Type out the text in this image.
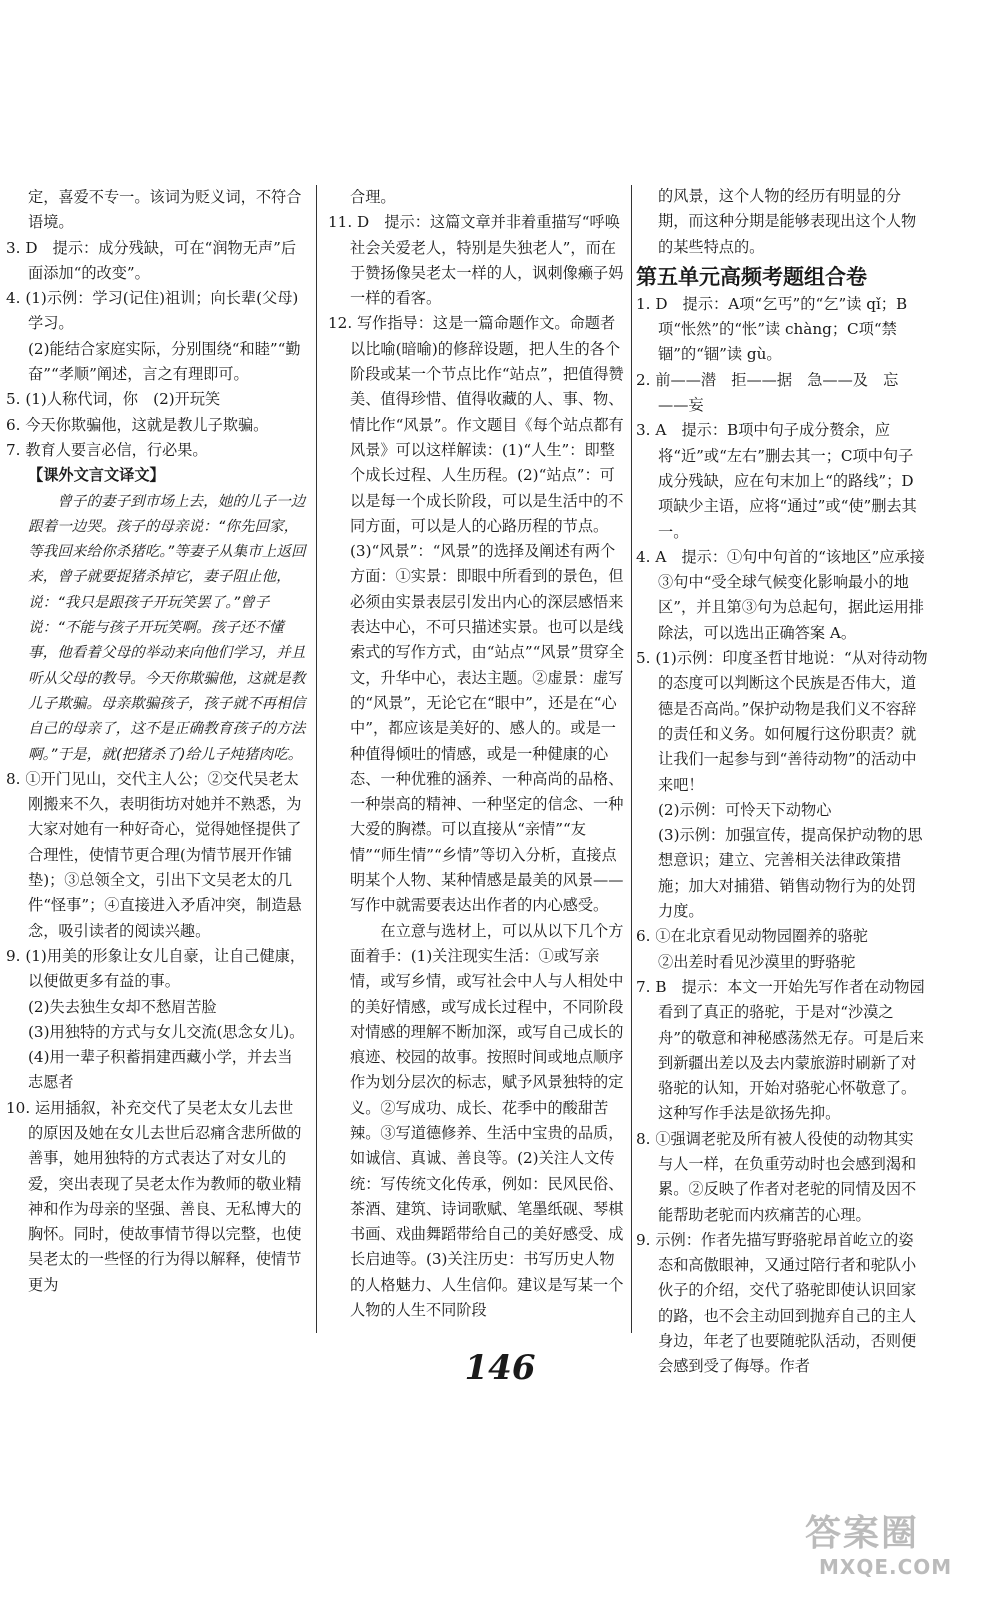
定，喜爱不专一。该词为贬义词，不符合语境。

3. D　提示：成分残缺，可在“润物无声”后面添加“的改变”。

4. (1)示例：学习(记住)祖训；向长辈(父母)学习。

(2)能结合家庭实际，分别围绕“和睦”“勤奋”“孝顺”阐述，言之有理即可。

5. (1)人称代词，你　(2)开玩笑

6. 今天你欺骗他，这就是教儿子欺骗。

7. 教育人要言必信，行必果。

【课外文言文译文】

曾子的妻子到市场上去，她的儿子一边跟着一边哭。孩子的母亲说：“你先回家，等我回来给你杀猪吃。”等妻子从集市上返回来，曾子就要捉猪杀掉它，妻子阻止他，说：“我只是跟孩子开玩笑罢了。”曾子说：“不能与孩子开玩笑啊。孩子还不懂事，他看着父母的举动来向他们学习，并且听从父母的教导。今天你欺骗他，这就是教儿子欺骗。母亲欺骗孩子，孩子就不再相信自己的母亲了，这不是正确教育孩子的方法啊。”于是，就(把猪杀了)给儿子炖猪肉吃。

8. ①开门见山，交代主人公；②交代吴老太刚搬来不久，表明街坊对她并不熟悉，为大家对她有一种好奇心，觉得她怪提供了合理性，使情节更合理(为情节展开作铺垫)；③总领全文，引出下文吴老太的几件“怪事”；④直接进入矛盾冲突，制造悬念，吸引读者的阅读兴趣。

9. (1)用美的形象让女儿自豪，让自己健康，以便做更多有益的事。

(2)失去独生女却不愁眉苦脸

(3)用独特的方式与女儿交流(思念女儿)。

(4)用一辈子积蓄捐建西藏小学，并去当志愿者

10. 运用插叙，补充交代了吴老太女儿去世的原因及她在女儿去世后忍痛含悲所做的善事，她用独特的方式表达了对女儿的爱，突出表现了吴老太作为教师的敬业精神和作为母亲的坚强、善良、无私博大的胸怀。同时，使故事情节得以完整，也使吴老太的一些怪的行为得以解释，使情节更为

合理。

11. D　提示：这篇文章并非着重描写“呼唤社会关爱老人，特别是失独老人”，而在于赞扬像吴老太一样的人，讽刺像癞子妈一样的看客。

12. 写作指导：这是一篇命题作文。命题者以比喻(暗喻)的修辞设题，把人生的各个阶段或某一个节点比作“站点”，把值得赞美、值得珍惜、值得收藏的人、事、物、情比作“风景”。作文题目《每个站点都有风景》可以这样解读：(1)“人生”：即整个成长过程、人生历程。(2)“站点”：可以是每一个成长阶段，可以是生活中的不同方面，可以是人的心路历程的节点。(3)“风景”：“风景”的选择及阐述有两个方面：①实景：即眼中所看到的景色，但必须由实景表层引发出内心的深层感悟来表达中心，不可只描述实景。也可以是线索式的写作方式，由“站点”“风景”贯穿全文，升华中心，表达主题。②虚景：虚写的“风景”，无论它在“眼中”，还是在“心中”，都应该是美好的、感人的。或是一种值得倾吐的情感，或是一种健康的心态、一种优雅的涵养、一种高尚的品格、一种崇高的精神、一种坚定的信念、一种大爱的胸襟。可以直接从“亲情”“友情”“师生情”“乡情”等切入分析，直接点明某个人物、某种情感是最美的风景——写作中就需要表达出作者的内心感受。

在立意与选材上，可以从以下几个方面着手：(1)关注现实生活：①或写亲情，或写乡情，或写社会中人与人相处中的美好情感，或写成长过程中，不同阶段对情感的理解不断加深，或写自己成长的痕迹、校园的故事。按照时间或地点顺序作为划分层次的标志，赋予风景独特的定义。②写成功、成长、花季中的酸甜苦辣。③写道德修养、生活中宝贵的品质，如诚信、真诚、善良等。(2)关注人文传统：写传统文化传承，例如：民风民俗、茶酒、建筑、诗词歌赋、笔墨纸砚、琴棋书画、戏曲舞蹈带给自己的美好感受、成长启迪等。(3)关注历史：书写历史人物的人格魅力、人生信仰。建议是写某一个人物的人生不同阶段

的风景，这个人物的经历有明显的分期，而这种分期是能够表现出这个人物的某些特点的。

第五单元高频考题组合卷

1. D　提示：A项“乞丐”的“乞”读 qǐ；B项“怅然”的“怅”读 chàng；C项“禁锢”的“锢”读 gù。

2. 前——潜　拒——据　急——及　忘——妄

3. A　提示：B项中句子成分赘余，应将“近”或“左右”删去其一；C项中句子成分残缺，应在句末加上“的路线”；D项缺少主语，应将“通过”或“使”删去其一。

4. A　提示：①句中句首的“该地区”应承接③句中“受全球气候变化影响最小的地区”，并且第③句为总起句，据此运用排除法，可以选出正确答案 A。

5. (1)示例：印度圣哲甘地说：“从对待动物的态度可以判断这个民族是否伟大，道德是否高尚。”保护动物是我们义不容辞的责任和义务。如何履行这份职责？就让我们一起参与到“善待动物”的活动中来吧！

(2)示例：可怜天下动物心

(3)示例：加强宣传，提高保护动物的思想意识；建立、完善相关法律政策措施；加大对捕猎、销售动物行为的处罚力度。

6. ①在北京看见动物园圈养的骆驼

②出差时看见沙漠里的野骆驼

7. B　提示：本文一开始先写作者在动物园看到了真正的骆驼，于是对“沙漠之舟”的敬意和神秘感荡然无存。可是后来到新疆出差以及去内蒙旅游时刷新了对骆驼的认知，开始对骆驼心怀敬意了。这种写作手法是欲扬先抑。

8. ①强调老驼及所有被人役使的动物其实与人一样，在负重劳动时也会感到渴和累。②反映了作者对老驼的同情及因不能帮助老驼而内疚痛苦的心理。

9. 示例：作者先描写野骆驼昂首屹立的姿态和高傲眼神，又通过陪行者和驼队小伙子的介绍，交代了骆驼即使认识回家的路，也不会主动回到抛弃自己的主人身边，年老了也要随驼队活动，否则便会感到受了侮辱。作者

146
答案圈
MXQE.COM
